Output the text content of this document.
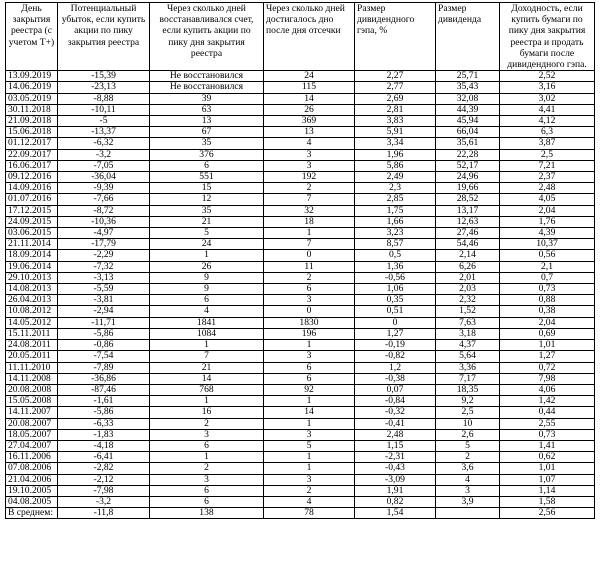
День закрытия реестра (с учетом Т+)	Потенциальный убыток, если купить акции по пику закрытия реестра	Через сколько дней восстанавливался счет, если купить акции по пику дня закрытия реестра	Через сколько дней достигалось дно после дня отсечки	Размер дивидендного гэпа, %	Размер дивиденда	Доходность, если купить бумаги по пику дня закрытия реестра и продать бумаги после дивидендного гэпа.
13.09.2019	-15,39	Не восстановился	24	2,27	25,71	2,52
14.06.2019	-23,13	Не восстановился	115	2,77	35,43	3,16
03.05.2019	-8,88	39	14	2,69	32,08	3,02
30.11.2018	-10,11	63	26	2,81	44,39	4,41
21.09.2018	-5	13	369	3,83	45,94	4,12
15.06.2018	-13,37	67	13	5,91	66,04	6,3
01.12.2017	-6,32	35	4	3,34	35,61	3,87
22.09.2017	-3,2	376	3	1,96	22,28	2,5
16.06.2017	-7,05	6	3	5,86	52,17	7,21
09.12.2016	-36,04	551	192	2,49	24,96	2,37
14.09.2016	-9,39	15	2	2,3	19,66	2,48
01.07.2016	-7,66	12	7	2,85	28,52	4,05
17.12.2015	-8,72	35	32	1,75	13,17	2,04
24.09.2015	-10,36	21	18	1,66	12,63	1,76
03.06.2015	-4,97	5	1	3,23	27,46	4,39
21.11.2014	-17,79	24	7	8,57	54,46	10,37
18.09.2014	-2,29	1	0	0,5	2,14	0,56
19.06.2014	-7,32	26	11	1,36	6,26	2,1
29.10.2013	-3,13	9	2	-0,56	2,01	0,7
14.08.2013	-5,59	9	6	1,06	2,03	0,73
26.04.2013	-3,81	6	3	0,35	2,32	0,88
10.08.2012	-2,94	4	0	0,51	1,52	0,38
14.05.2012	-11,71	1841	1830	0	7,63	2,04
15.11.2011	-5,86	1084	196	1,27	3,18	0,69
24.08.2011	-0,86	1	1	-0,19	4,37	1,01
20.05.2011	-7,54	7	3	-0,82	5,64	1,27
11.11.2010	-7,89	21	6	1,2	3,36	0,72
14.11.2008	-36,86	14	6	-0,38	7,17	7,98
20.08.2008	-87,46	768	92	0,07	18,35	4,06
15.05.2008	-1,61	1	1	-0,84	9,2	1,42
14.11.2007	-5,86	16	14	-0,32	2,5	0,44
20.08.2007	-6,33	2	1	-0,41	10	2,55
18.05.2007	-1,83	3	3	2,48	2,6	0,73
27.04.2007	-4,18	6	5	1,15	5	1,41
16.11.2006	-6,41	1	1	-2,31	2	0,62
07.08.2006	-2,82	2	1	-0,43	3,6	1,01
21.04.2006	-2,12	3	3	-3,09	4	1,07
19.10.2005	-7,98	6	2	1,91	3	1,14
04.08.2005	-3,2	6	4	0,82	3,9	1,58
В среднем:	-11,8	138	78	1,54		2,56
